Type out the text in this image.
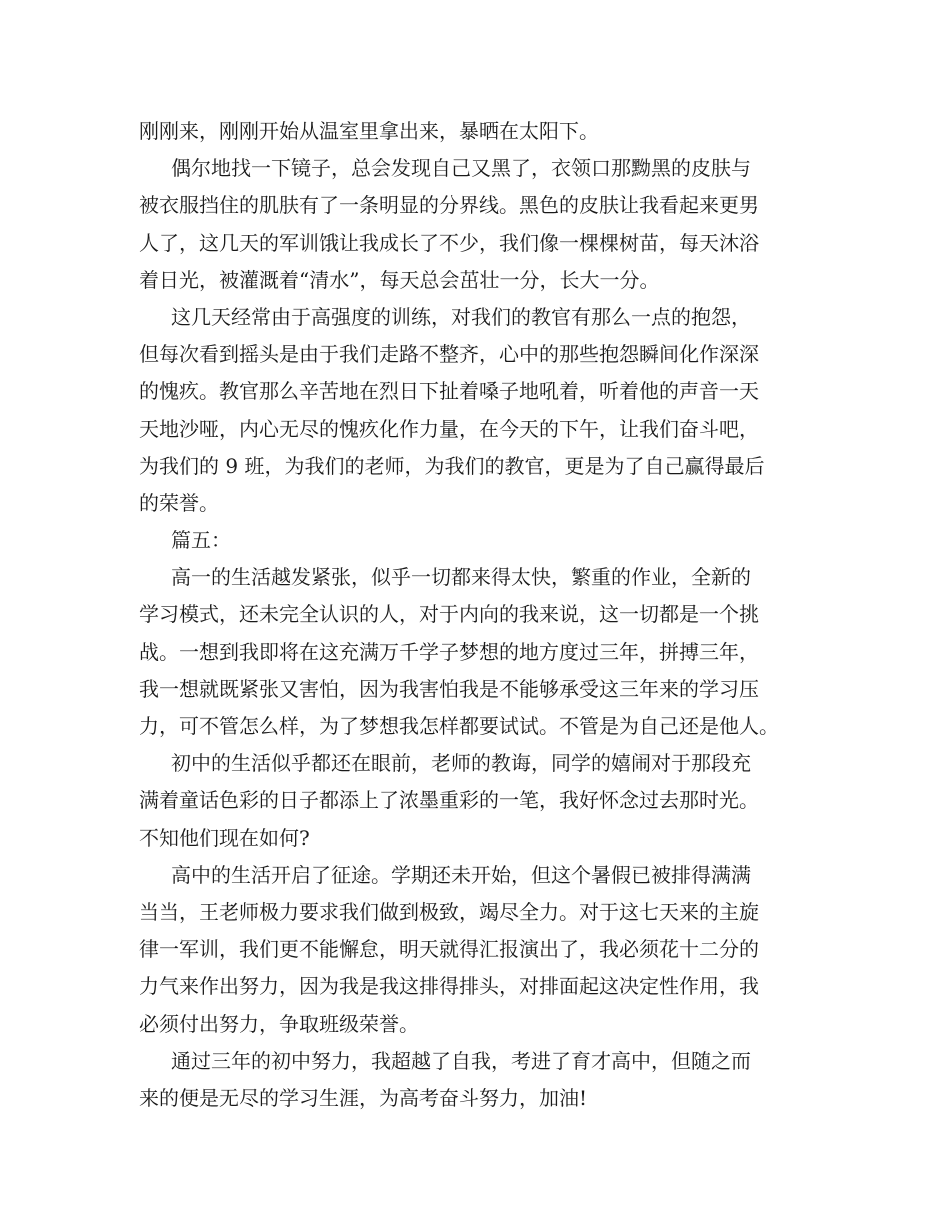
刚刚来，刚刚开始从温室里拿出来，暴晒在太阳下。
偶尔地找一下镜子，总会发现自己又黑了，衣领口那黝黑的皮肤与
被衣服挡住的肌肤有了一条明显的分界线。黑色的皮肤让我看起来更男
人了，这几天的军训饿让我成长了不少，我们像一棵棵树苗，每天沐浴
着日光，被灌溉着“清水”，每天总会茁壮一分，长大一分。
这几天经常由于高强度的训练，对我们的教官有那么一点的抱怨，
但每次看到摇头是由于我们走路不整齐，心中的那些抱怨瞬间化作深深
的愧疚。教官那么辛苦地在烈日下扯着嗓子地吼着，听着他的声音一天
天地沙哑，内心无尽的愧疚化作力量，在今天的下午，让我们奋斗吧，
为我们的 9 班，为我们的老师，为我们的教官，更是为了自己赢得最后
的荣誉。
篇五：
高一的生活越发紧张，似乎一切都来得太快，繁重的作业，全新的
学习模式，还未完全认识的人，对于内向的我来说，这一切都是一个挑
战。一想到我即将在这充满万千学子梦想的地方度过三年，拼搏三年，
我一想就既紧张又害怕，因为我害怕我是不能够承受这三年来的学习压
力，可不管怎么样，为了梦想我怎样都要试试。不管是为自己还是他人。
初中的生活似乎都还在眼前，老师的教诲，同学的嬉闹对于那段充
满着童话色彩的日子都添上了浓墨重彩的一笔，我好怀念过去那时光。
不知他们现在如何?
高中的生活开启了征途。学期还未开始，但这个暑假已被排得满满
当当，王老师极力要求我们做到极致，竭尽全力。对于这七天来的主旋
律一军训，我们更不能懈怠，明天就得汇报演出了，我必须花十二分的
力气来作出努力，因为我是我这排得排头，对排面起这决定性作用，我
必须付出努力，争取班级荣誉。
通过三年的初中努力，我超越了自我，考进了育才高中，但随之而
来的便是无尽的学习生涯，为高考奋斗努力，加油!
